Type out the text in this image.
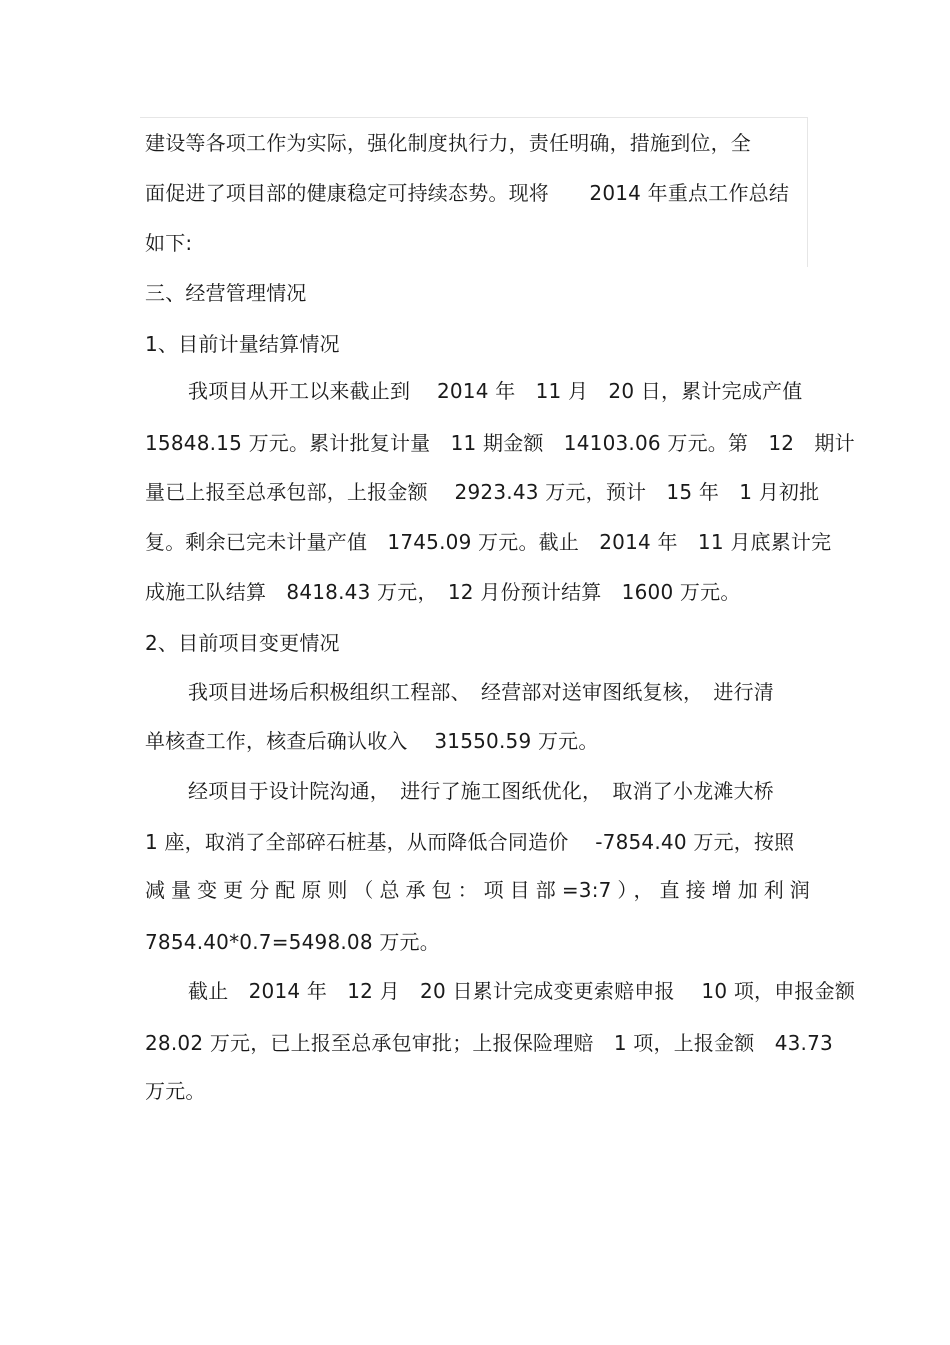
建设等各项工作为实际，强化制度执行力，责任明确，措施到位，全
面促进了项目部的健康稳定可持续态势。现将　　2014 年重点工作总结
如下:
三、经营管理情况
1、目前计量结算情况
我项目从开工以来截止到　 2014 年　11 月　20 日，累计完成产值
15848.15 万元。累计批复计量　11 期金额　14103.06 万元。第　12　期计
量已上报至总承包部，上报金额　 2923.43 万元，预计　15 年　1 月初批
复。剩余已完未计量产值　1745.09 万元。截止　2014 年　11 月底累计完
成施工队结算　8418.43 万元，　12 月份预计结算　1600 万元。
2、目前项目变更情况
我项目进场后积极组织工程部、　经营部对送审图纸复核，　进行清
单核查工作，核查后确认收入　 31550.59 万元。
经项目于设计院沟通，　进行了施工图纸优化，　取消了小龙滩大桥
1 座，取消了全部碎石桩基，从而降低合同造价　 -7854.40 万元，按照
减量变更分配原则（总承包：项目部=3:7），直接增加利润
7854.40*0.7=5498.08 万元。
截止　2014 年　12 月　20 日累计完成变更索赔申报　 10 项，申报金额
28.02 万元，已上报至总承包审批；上报保险理赔　1 项，上报金额　43.73
万元。
